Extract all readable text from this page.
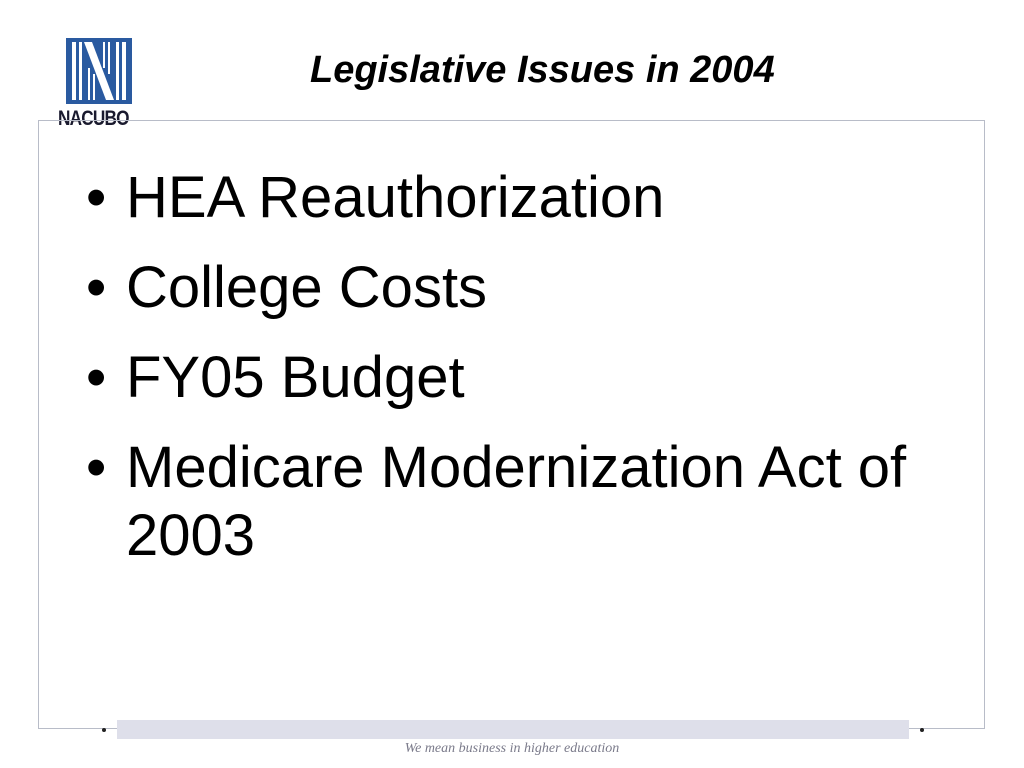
NACUBO
Legislative Issues in 2004
• HEA Reauthorization
• College Costs
• FY05 Budget
• Medicare Modernization Act of 2003
We mean business in higher education
